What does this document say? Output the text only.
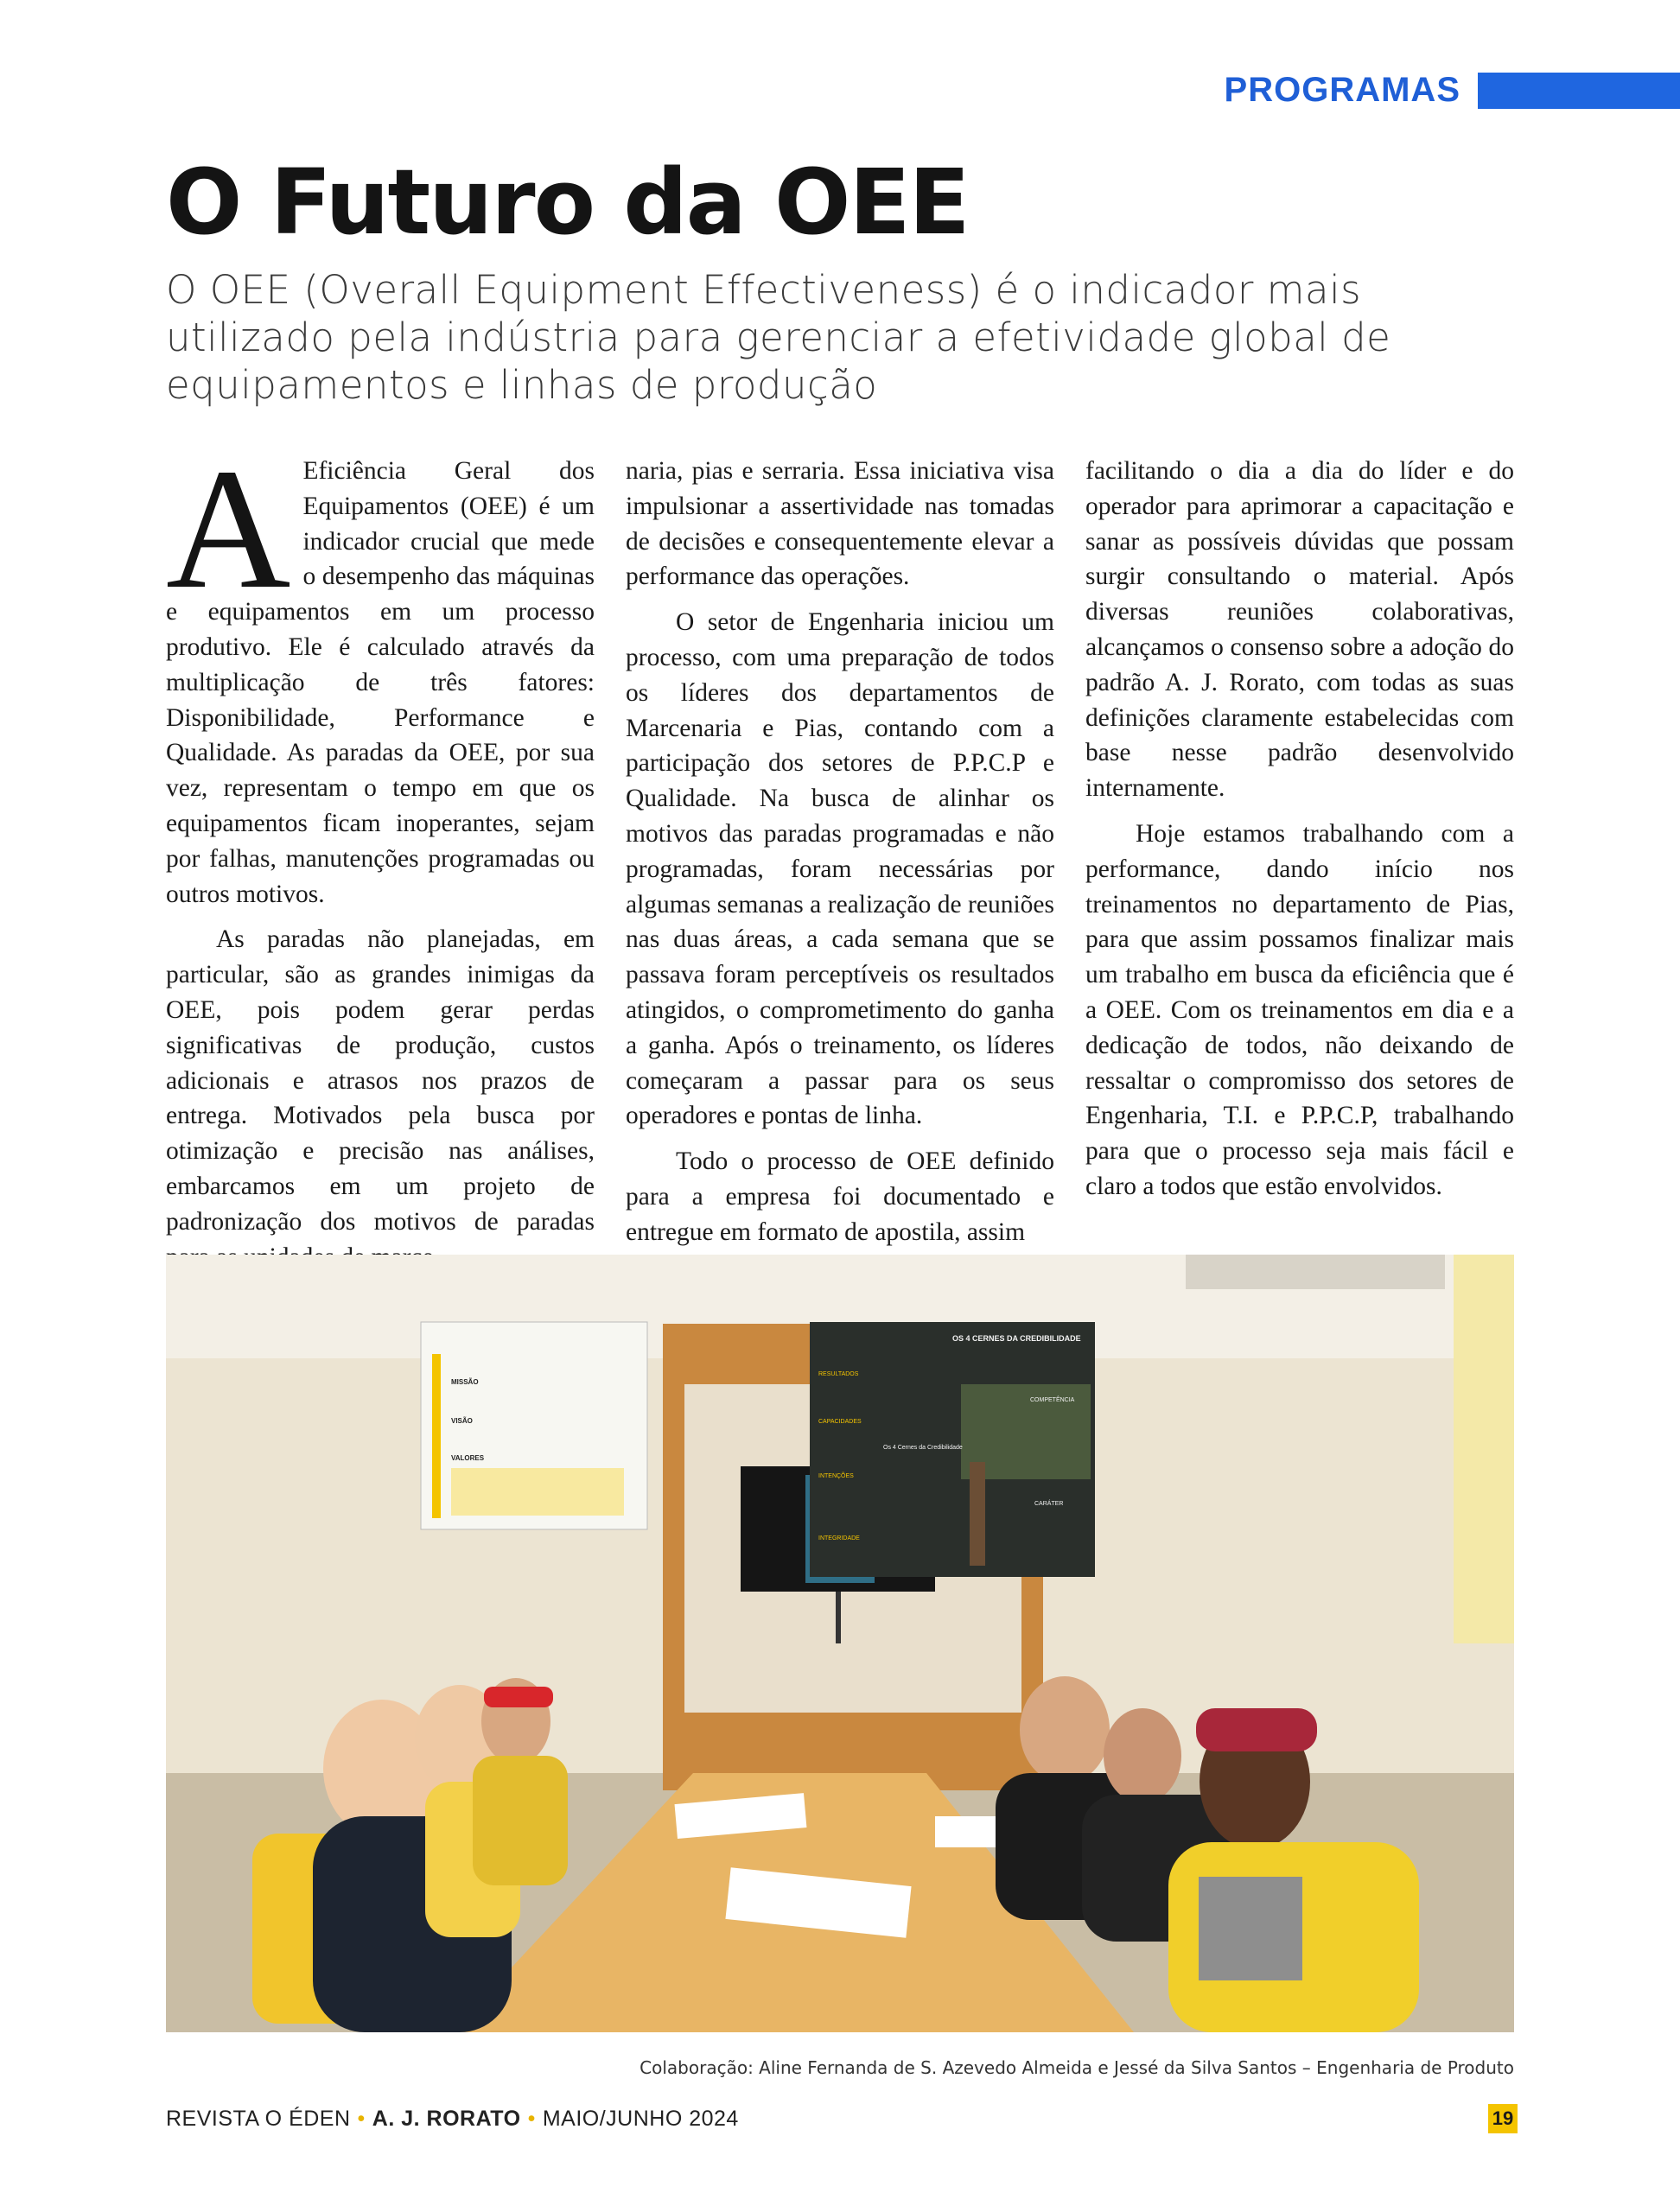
PROGRAMAS
O Futuro da OEE

O OEE (Overall Equipment Effectiveness) é o indicador mais utilizado pela indústria para gerenciar a efetividade global de equipamentos e linhas de produção

A Eficiência Geral dos Equipamentos (OEE) é um indicador crucial que mede o desempenho das máquinas e equipamentos em um processo produtivo. Ele é calculado através da multiplicação de três fatores: Disponibilidade, Performance e Qualidade. As paradas da OEE, por sua vez, representam o tempo em que os equipamentos ficam inoperantes, sejam por falhas, manutenções programadas ou outros motivos.

As paradas não planejadas, em particular, são as grandes inimigas da OEE, pois podem gerar perdas significativas de produção, custos adicionais e atrasos nos prazos de entrega. Motivados pela busca por otimização e precisão nas análises, embarcamos em um projeto de padronização dos motivos de paradas

naria, pias e serraria. Essa iniciativa visa impulsionar a assertividade nas tomadas de decisões e consequentemente elevar a performance das operações.

O setor de Engenharia iniciou um processo, com uma preparação de todos os líderes dos departamentos de Marcenaria e Pias, contando com a participação dos setores de P.P.C.P e Qualidade. Na busca de alinhar os motivos das paradas programadas e não programadas, foram necessárias por algumas semanas a realização de reuniões nas duas áreas, a cada semana que se passava foram perceptíveis os resultados atingidos, o comprometimento do ganha a ganha. Após o treinamento, os líderes começaram a passar para os seus operadores e pontas de linha.

Todo o processo de OEE definido para a empresa foi documentado e entregue em formato de apostila, assim

facilitando o dia a dia do líder e do operador para aprimorar a capacitação e sanar as possíveis dúvidas que possam surgir consultando o material. Após diversas reuniões colaborativas, alcançamos o consenso sobre a adoção do padrão A. J. Rorato, com todas as suas definições claramente estabelecidas com base nesse padrão desenvolvido internamente.

Hoje estamos trabalhando com a performance, dando início nos treinamentos no departamento de Pias, para que assim possamos finalizar mais um trabalho em busca da eficiência que é a OEE. Com os treinamentos em dia e a dedicação de todos, não deixando de ressaltar o compromisso dos setores de Engenharia, T.I. e P.P.C.P, trabalhando para que o processo seja mais fácil e claro a todos que estão envolvidos.

MISSÃO
VISÃO
VALORES
OS 4 CERNES DA CREDIBILIDADE
Os 4 Cernes da Credibilidade
RESULTADOS
CAPACIDADES
INTENÇÕES
INTEGRIDADE
COMPETÊNCIA
CARÁTER
Colaboração: Aline Fernanda de S. Azevedo Almeida e Jessé da Silva Santos – Engenharia de Produto
REVISTA O ÉDEN • A. J. RORATO • MAIO/JUNHO 2024	19
